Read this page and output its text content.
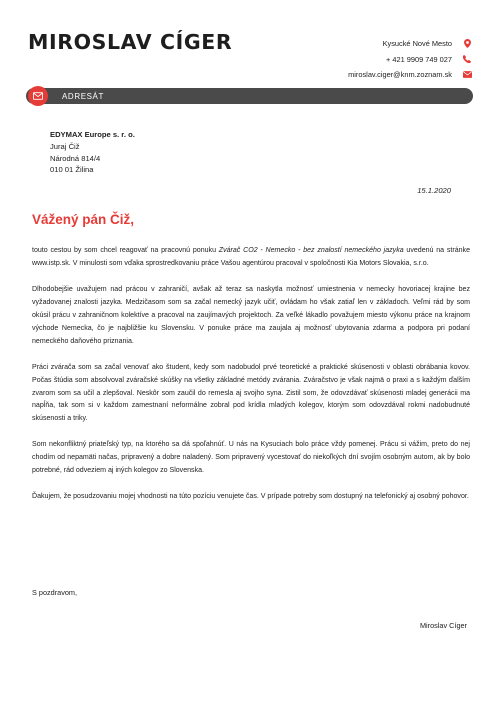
MIROSLAV CÍGER	Kysucké Nové Mesto
+ 421 9909 749 027
miroslav.ciger@knm.zoznam.sk
ADRESÁT
EDYMAX Europe s. r. o.
Juraj Čiž
Národná 814/4
010 01 Žilina
15.1.2020
Vážený pán Čiž,

touto cestou by som chcel reagovať na pracovnú ponuku Zvárač CO2 - Nemecko - bez znalostí nemeckého jazyka uvedenú na stránke www.istp.sk. V minulosti som vďaka sprostredkovaniu práce Vašou agentúrou pracoval v spoločnosti Kia Motors Slovakia, s.r.o.

Dlhodobejšie uvažujem nad prácou v zahraničí, avšak až teraz sa naskytla možnosť umiestnenia v nemecky hovoriacej krajine bez vyžadovanej znalosti jazyka. Medzičasom som sa začal nemecký jazyk učiť, ovládam ho však zatiaľ len v základoch. Veľmi rád by som okúsil prácu v zahraničnom kolektíve a pracoval na zaujímavých projektoch. Za veľké lákadlo považujem miesto výkonu práce na krajnom východe Nemecka, čo je najbližšie ku Slovensku. V ponuke práce ma zaujala aj možnosť ubytovania zdarma a podpora pri podaní nemeckého daňového priznania.

Práci zvárača som sa začal venovať ako študent, kedy som nadobudol prvé teoretické a praktické skúsenosti v oblasti obrábania kovov. Počas štúdia som absolvoval zváračské skúšky na všetky základné metódy zvárania. Zváračstvo je však najmä o praxi a s každým ďalším zvarom som sa učil a zlepšoval. Neskôr som zaučil do remesla aj svojho syna. Zistil som, že odovzdávať skúsenosti mladej generácii ma napĺňa, tak som si v každom zamestnaní neformálne zobral pod krídla mladých kolegov, ktorým som odovzdával rokmi nadobudnuté skúsenosti a triky.

Som nekonfliktný priateľský typ, na ktorého sa dá spoľahnúť. U nás na Kysuciach bolo práce vždy pomenej. Prácu si vážim, preto do nej chodím od nepamäti načas, pripravený a dobre naladený. Som pripravený vycestovať do niekoľkých dní svojím osobným autom, ak by bolo potrebné, rád odveziem aj iných kolegov zo Slovenska.

Ďakujem, že posudzovaniu mojej vhodnosti na túto pozíciu venujete čas. V prípade potreby som dostupný na telefonický aj osobný pohovor.

S pozdravom,
Miroslav Cíger
